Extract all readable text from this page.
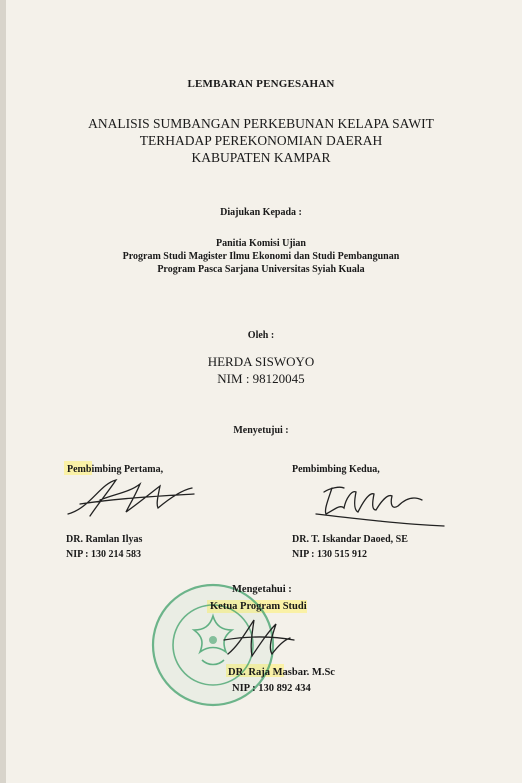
LEMBARAN PENGESAHAN
ANALISIS SUMBANGAN PERKEBUNAN KELAPA SAWIT
TERHADAP PEREKONOMIAN DAERAH
KABUPATEN KAMPAR
Diajukan Kepada :
Panitia Komisi Ujian
Program Studi Magister Ilmu Ekonomi dan Studi Pembangunan
Program Pasca Sarjana Universitas Syiah Kuala
Oleh :
HERDA SISWOYO
NIM : 98120045
Menyetujui :
Pembimbing Pertama,
DR. Ramlan Ilyas
NIP : 130 214 583
Pembimbing Kedua,
DR. T. Iskandar Daoed, SE
NIP : 130 515 912
Mengetahui :
Ketua Program Studi
DR. Raja Masbar. M.Sc
NIP : 130 892 434
